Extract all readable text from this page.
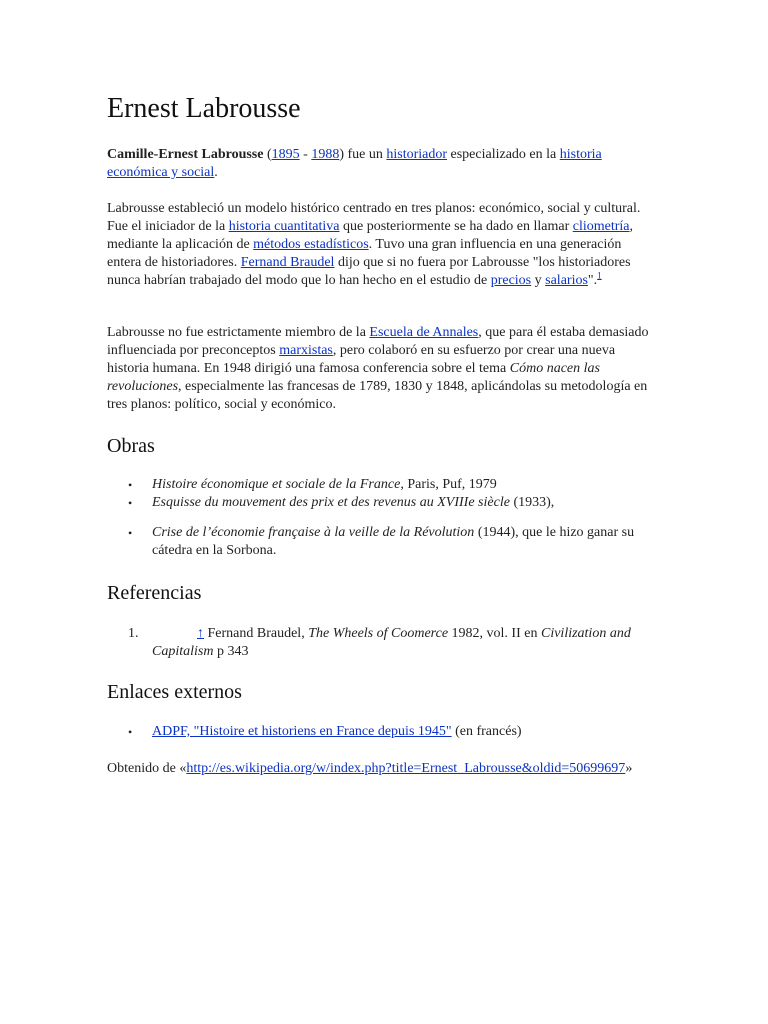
Ernest Labrousse

Camille-Ernest Labrousse (1895 - 1988) fue un historiador especializado en la historia económica y social.

Labrousse estableció un modelo histórico centrado en tres planos: económico, social y cultural. Fue el iniciador de la historia cuantitativa que posteriormente se ha dado en llamar cliometría, mediante la aplicación de métodos estadísticos. Tuvo una gran influencia en una generación entera de historiadores. Fernand Braudel dijo que si no fuera por Labrousse "los historiadores nunca habrían trabajado del modo que lo han hecho en el estudio de precios y salarios".$^1$

Labrousse no fue estrictamente miembro de la Escuela de Annales, que para él estaba demasiado influenciada por preconceptos marxistas, pero colaboró en su esfuerzo por crear una nueva historia humana. En 1948 dirigió una famosa conferencia sobre el tema Cómo nacen las revoluciones, especialmente las francesas de 1789, 1830 y 1848, aplicándolas su metodología en tres planos: político, social y económico.

Obras
• Histoire économique et sociale de la France, Paris, Puf, 1979
• Esquisse du mouvement des prix et des revenus au XVIIIe siècle (1933),
• Crise de l’économie française à la veille de la Révolution (1944), que le hizo ganar su cátedra en la Sorbona.
Referencias
1.	↑ Fernand Braudel, The Wheels of Coomerce 1982, vol. II en Civilization and Capitalism p 343
Enlaces externos
• ADPF, "Histoire et historiens en France depuis 1945" (en francés)

Obtenido de «http://es.wikipedia.org/w/index.php?title=Ernest_Labrousse&oldid=50699697»
